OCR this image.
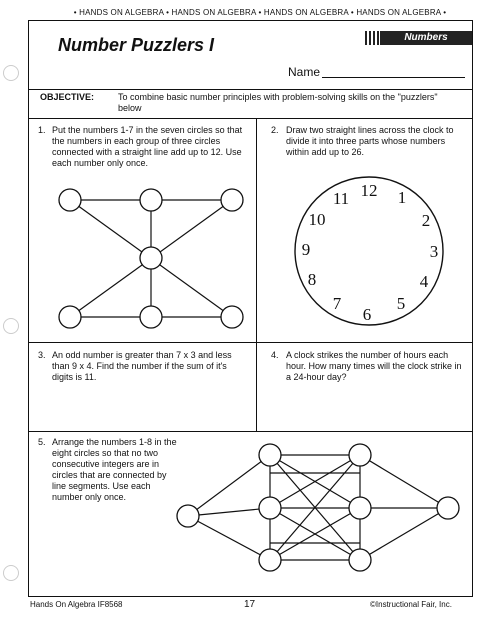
• HANDS ON ALGEBRA • HANDS ON ALGEBRA • HANDS ON ALGEBRA • HANDS ON ALGEBRA •
Numbers
Number Puzzlers I
Name
OBJECTIVE:	To combine basic number principles with problem-solving skills on the "puzzlers" below
1. Put the numbers 1-7 in the seven circles so that the numbers in each group of three circles connected with a straight line add up to 12. Use each number only once.
2. Draw two straight lines across the clock to divide it into three parts whose numbers within add up to 26.
12 1
2
3
4
5
6
7
8
9
10
11
3. An odd number is greater than 7 x 3 and less than 9 x 4. Find the number if the sum of it's digits is 11.
4. A clock strikes the number of hours each hour. How many times will the clock strike in a 24-hour day?
5. Arrange the numbers 1-8 in the eight circles so that no two consecutive integers are in circles that are connected by line segments. Use each number only once.
Hands On Algebra IF8568	17	©Instructional Fair, Inc.
